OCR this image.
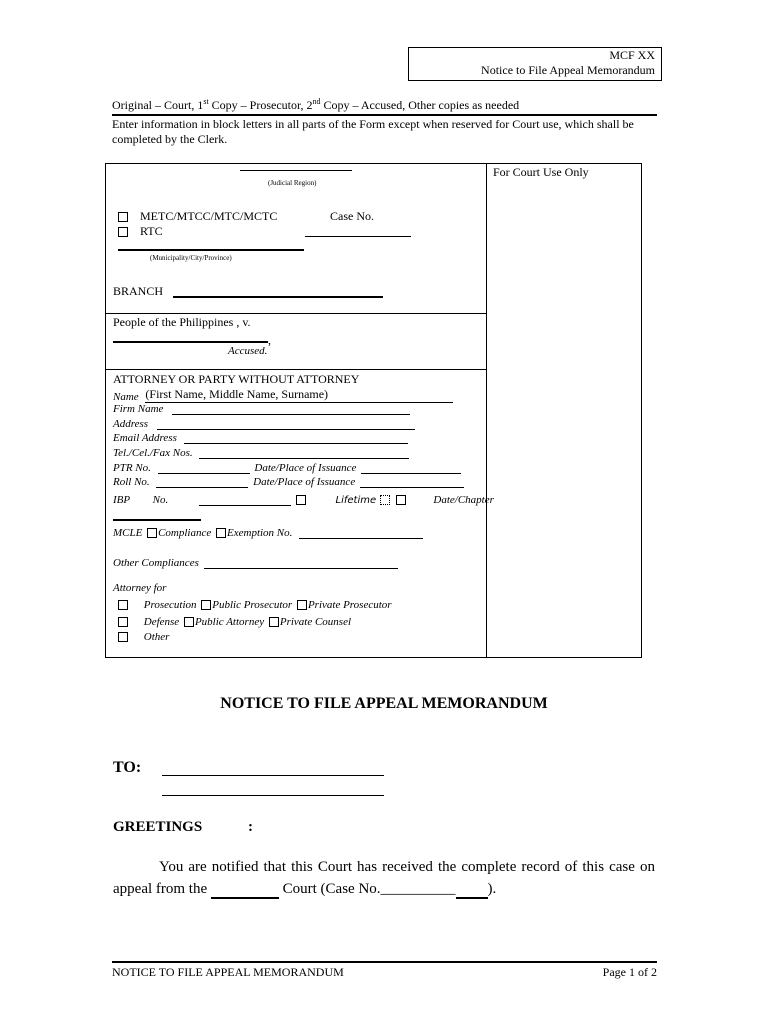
MCF XX
Notice to File Appeal Memorandum
Original – Court, 1st Copy – Prosecutor, 2nd Copy – Accused, Other copies as needed
Enter information in block letters in all parts of the Form except when reserved for Court use, which shall be completed by the Clerk.
For Court Use Only
(Judicial Region)
METC/MTCC/MTC/MCTC	Case No.
RTC
(Municipality/City/Province)
BRANCH
People of the Philippines , v.
,
Accused.
ATTORNEY OR PARTY WITHOUT ATTORNEY
Name (First Name, Middle Name, Surname)
Firm Name
Address
Email Address
Tel./Cel./Fax Nos.
PTR No.	Date/Place of Issuance
Roll No.	Date/Place of Issuance
IBP No.	Lifetime	Date/Chapter
MCLE Compliance Exemption No.
Other Compliances
Attorney for
Prosecution Public Prosecutor Private Prosecutor
Defense Public Attorney Private Counsel
Other
NOTICE TO FILE APPEAL MEMORANDUM
TO:
GREETINGS	:
You are notified that this Court has received the complete record of this case on appeal from the	Court (Case No.__________ ).
NOTICE TO FILE APPEAL MEMORANDUM	Page 1 of 2
